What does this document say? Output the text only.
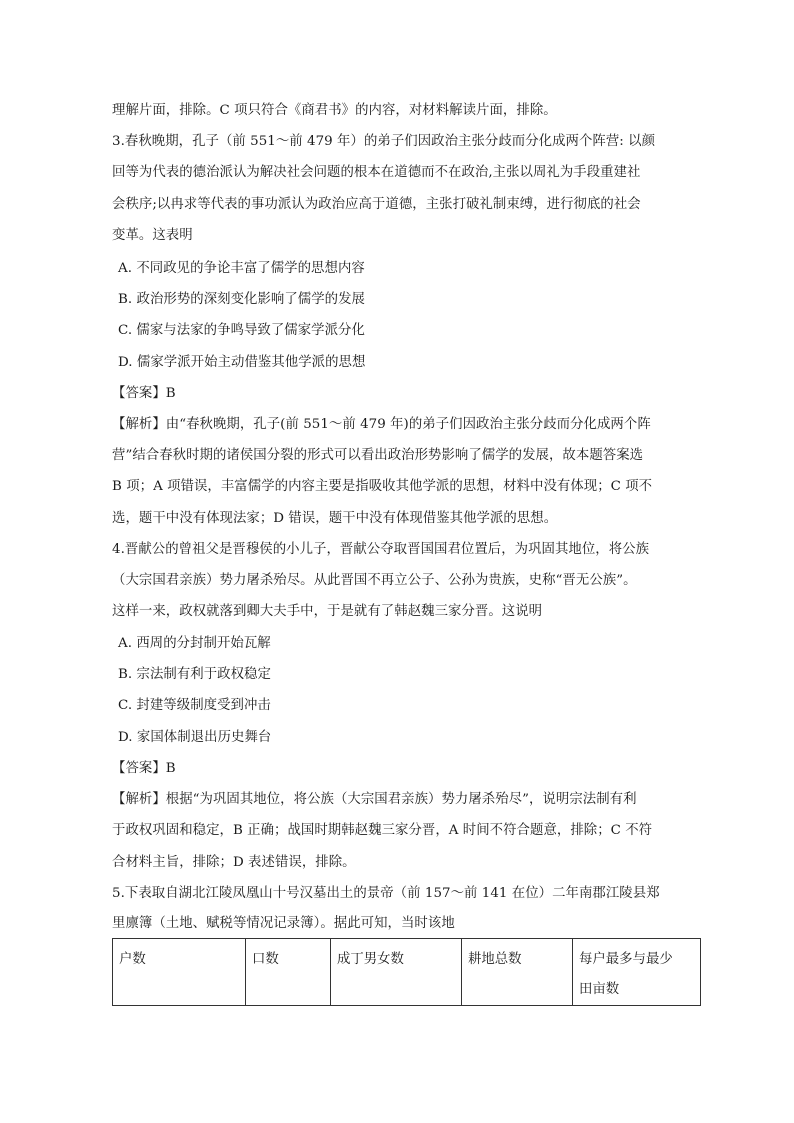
理解片面，排除。C 项只符合《商君书》的内容，对材料解读片面，排除。
3.春秋晚期，孔子（前 551～前 479 年）的弟子们因政治主张分歧而分化成两个阵营: 以颜
回等为代表的德治派认为解决社会问题的根本在道德而不在政治,主张以周礼为手段重建社
会秩序;以冉求等代表的事功派认为政治应高于道德，主张打破礼制束缚，进行彻底的社会
变革。这表明
A. 不同政见的争论丰富了儒学的思想内容
B. 政治形势的深刻变化影响了儒学的发展
C. 儒家与法家的争鸣导致了儒家学派分化
D. 儒家学派开始主动借鉴其他学派的思想
【答案】B
【解析】由“春秋晚期，孔子(前 551～前 479 年)的弟子们因政治主张分歧而分化成两个阵
营”结合春秋时期的诸侯国分裂的形式可以看出政治形势影响了儒学的发展，故本题答案选
B 项；A 项错误，丰富儒学的内容主要是指吸收其他学派的思想，材料中没有体现；C 项不
选，题干中没有体现法家；D 错误，题干中没有体现借鉴其他学派的思想。
4.晋献公的曾祖父是晋穆侯的小儿子，晋献公夺取晋国国君位置后，为巩固其地位，将公族
（大宗国君亲族）势力屠杀殆尽。从此晋国不再立公子、公孙为贵族，史称“晋无公族”。
这样一来，政权就落到卿大夫手中，于是就有了韩赵魏三家分晋。这说明
A. 西周的分封制开始瓦解
B. 宗法制有利于政权稳定
C. 封建等级制度受到冲击
D. 家国体制退出历史舞台
【答案】B
【解析】根据“为巩固其地位，将公族（大宗国君亲族）势力屠杀殆尽”，说明宗法制有利
于政权巩固和稳定，B 正确；战国时期韩赵魏三家分晋，A 时间不符合题意，排除；C 不符
合材料主旨，排除；D 表述错误，排除。
5.下表取自湖北江陵凤凰山十号汉墓出土的景帝（前 157～前 141 在位）二年南郡江陵县郑
里廪簿（土地、赋税等情况记录簿）。据此可知，当时该地
户数	口数	成丁男女数	耕地总数	每户最多与最少
田亩数
